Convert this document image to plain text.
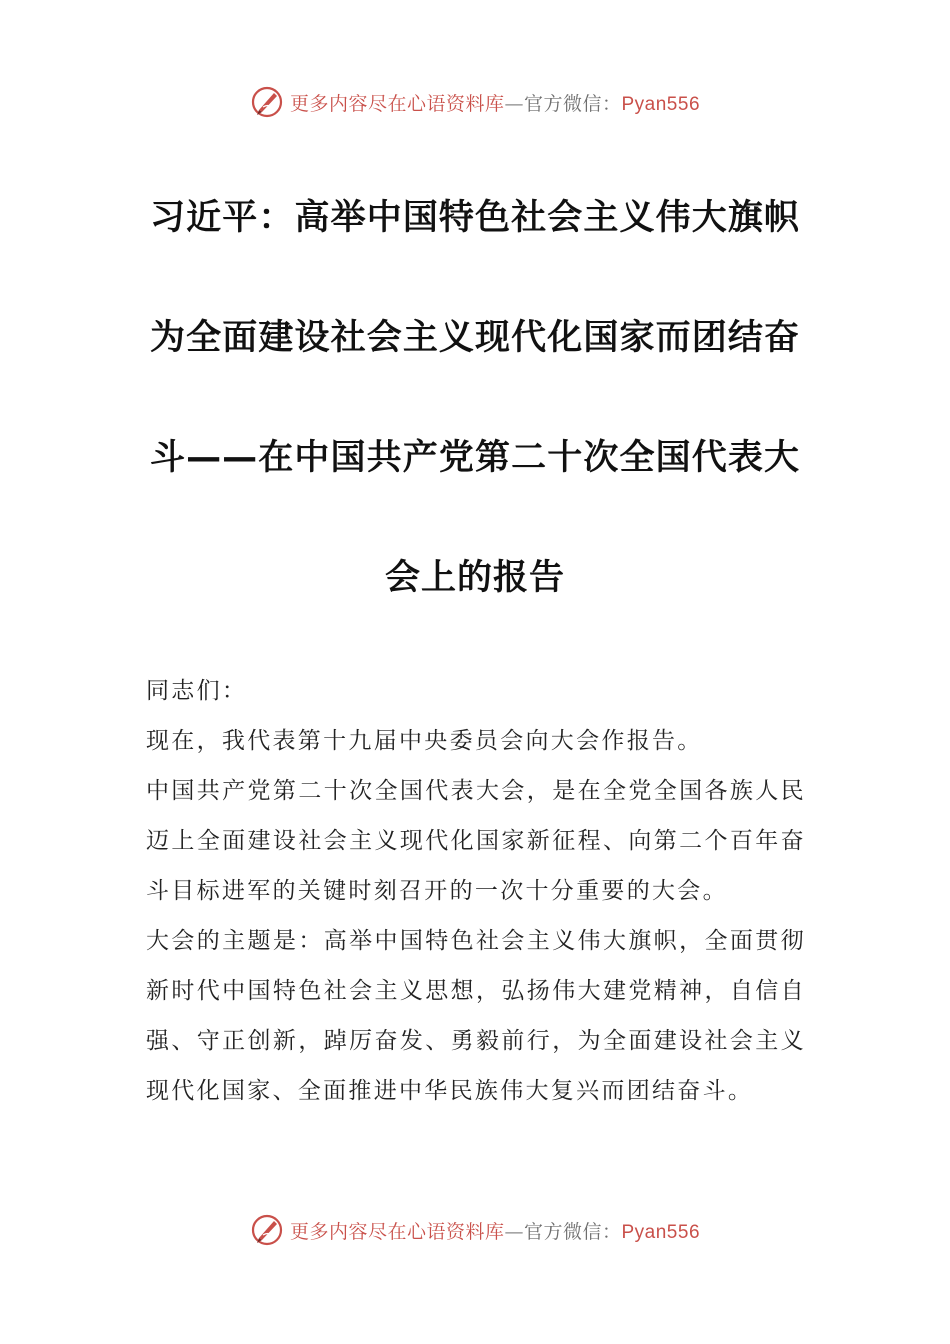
更多内容尽在心语资料库—官方微信：Pyan556
习近平：高举中国特色社会主义伟大旗帜为全面建设社会主义现代化国家而团结奋斗——在中国共产党第二十次全国代表大会上的报告

同志们：

现在，我代表第十九届中央委员会向大会作报告。

中国共产党第二十次全国代表大会，是在全党全国各族人民迈上全面建设社会主义现代化国家新征程、向第二个百年奋斗目标进军的关键时刻召开的一次十分重要的大会。

大会的主题是：高举中国特色社会主义伟大旗帜，全面贯彻新时代中国特色社会主义思想，弘扬伟大建党精神，自信自强、守正创新，踔厉奋发、勇毅前行，为全面建设社会主义现代化国家、全面推进中华民族伟大复兴而团结奋斗。

更多内容尽在心语资料库—官方微信：Pyan556
